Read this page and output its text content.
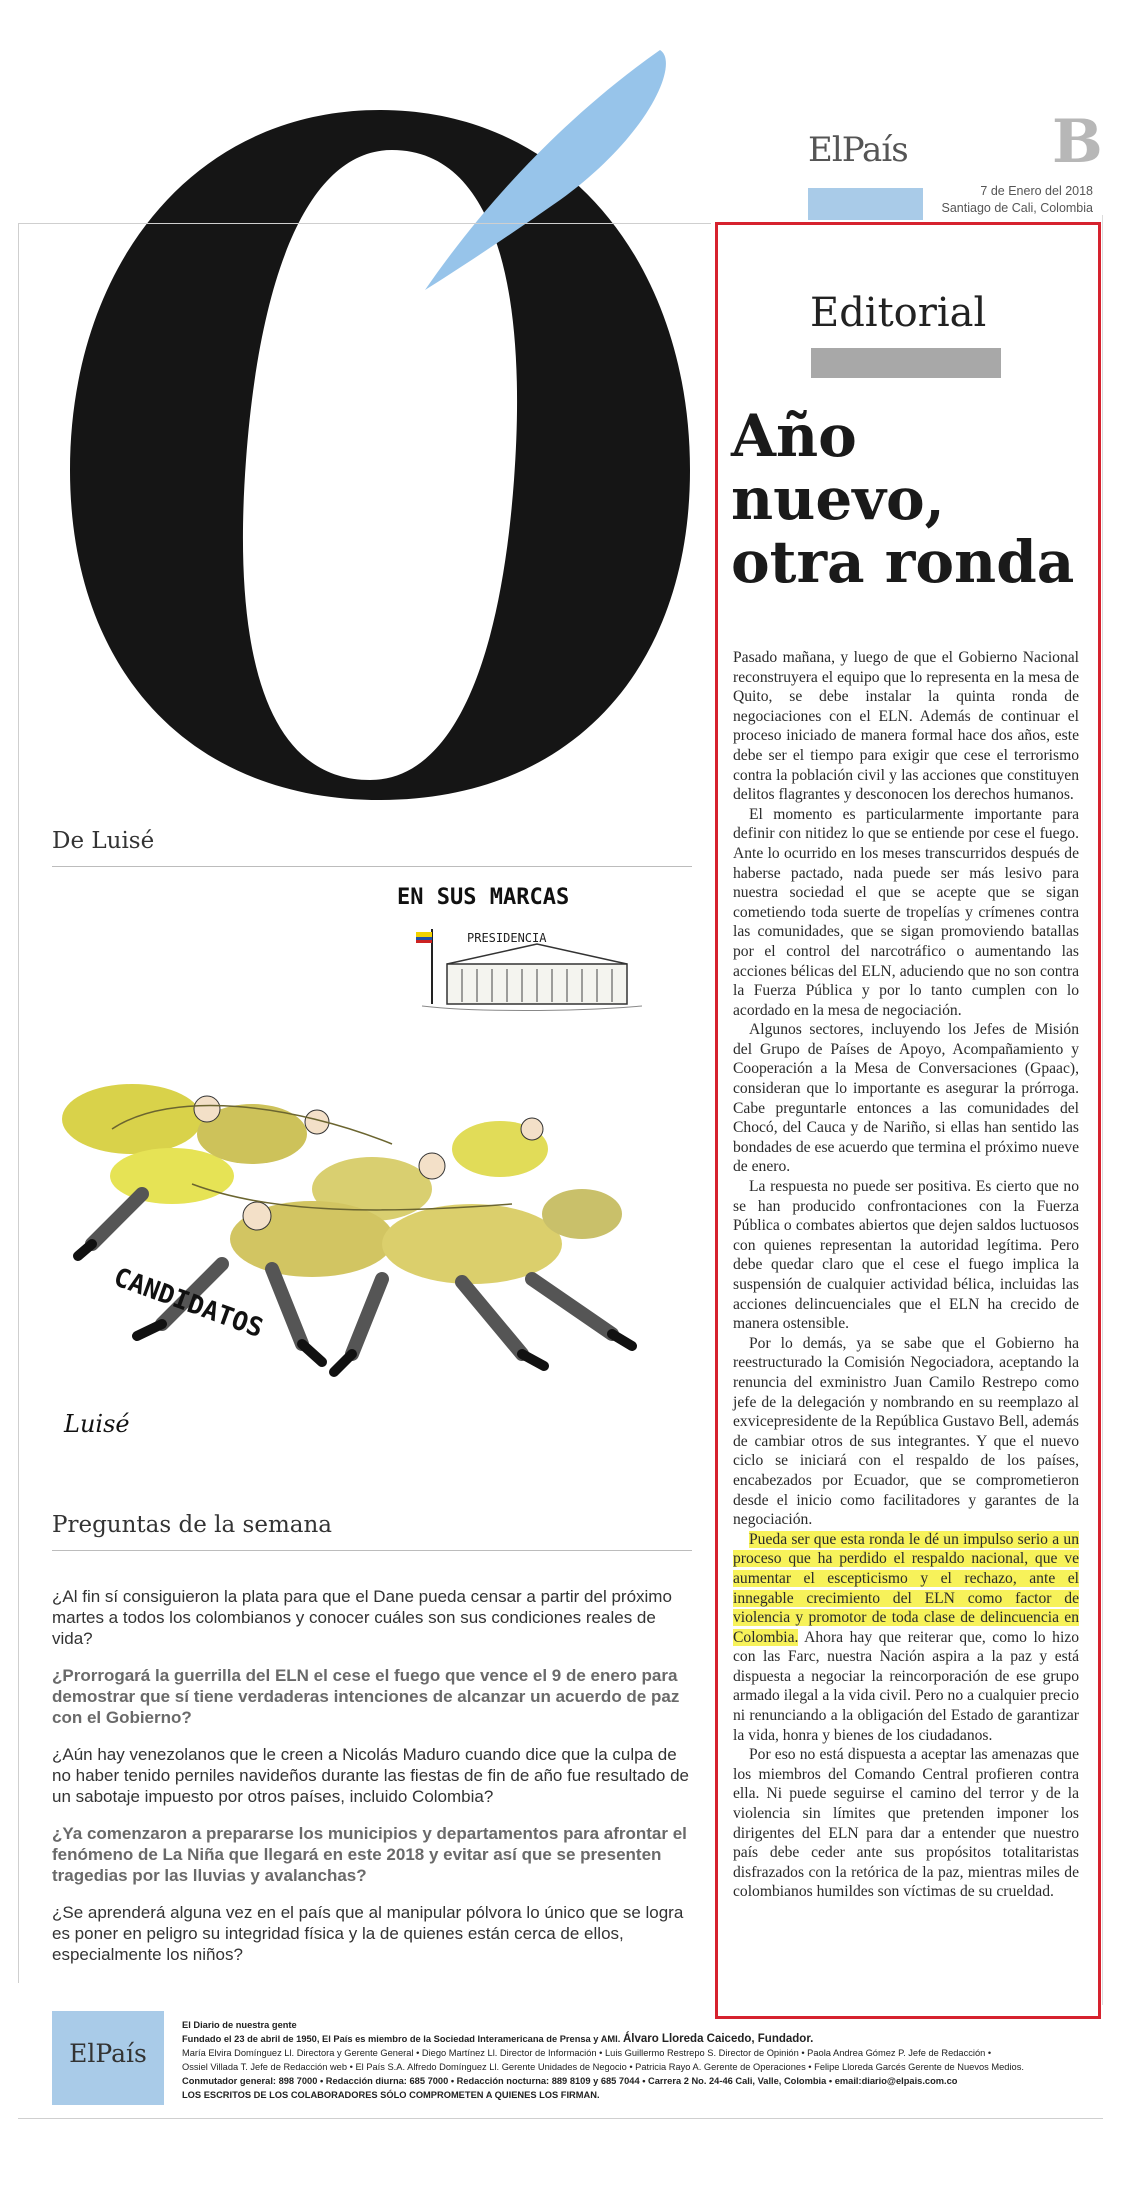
ElPaís B
7 de Enero del 2018
Santiago de Cali, Colombia
De Luisé
EN SUS MARCAS
PRESIDENCIA
CANDIDATOS
Luisé
Preguntas de la semana

¿Al fin sí consiguieron la plata para que el Dane pueda censar a partir del próximo martes a todos los colombianos y conocer cuáles son sus condiciones reales de vida?

¿Prorrogará la guerrilla del ELN el cese el fuego que vence el 9 de enero para demostrar que sí tiene verdaderas intenciones de alcanzar un acuerdo de paz con el Gobierno?

¿Aún hay venezolanos que le creen a Nicolás Maduro cuando dice que la culpa de no haber tenido perniles navideños durante las fiestas de fin de año fue resultado de un sabotaje impuesto por otros países, incluido Colombia?

¿Ya comenzaron a prepararse los municipios y departamentos para afrontar el fenómeno de La Niña que llegará en este 2018 y evitar así que se presenten tragedias por las lluvias y avalanchas?

¿Se aprenderá alguna vez en el país que al manipular pólvora lo único que se logra es poner en peligro su integridad física y la de quienes están cerca de ellos, especialmente los niños?

Editorial
Año
nuevo,
otra ronda

Pasado mañana, y luego de que el Gobierno Nacional reconstruyera el equipo que lo representa en la mesa de Quito, se debe instalar la quinta ronda de negociaciones con el ELN. Además de continuar el proceso iniciado de manera formal hace dos años, este debe ser el tiempo para exigir que cese el terrorismo contra la población civil y las acciones que constituyen delitos flagrantes y desconocen los derechos humanos.

El momento es particularmente importante para definir con nitidez lo que se entiende por cese el fuego. Ante lo ocurrido en los meses transcurridos después de haberse pactado, nada puede ser más lesivo para nuestra sociedad el que se acepte que se sigan cometiendo toda suerte de tropelías y crímenes contra las comunidades, que se sigan promoviendo batallas por el control del narcotráfico o aumentando las acciones bélicas del ELN, aduciendo que no son contra la Fuerza Pública y por lo tanto cumplen con lo acordado en la mesa de negociación.

Algunos sectores, incluyendo los Jefes de Misión del Grupo de Países de Apoyo, Acompañamiento y Cooperación a la Mesa de Conversaciones (Gpaac), consideran que lo importante es asegurar la prórroga. Cabe preguntarle entonces a las comunidades del Chocó, del Cauca y de Nariño, si ellas han sentido las bondades de ese acuerdo que termina el próximo nueve de enero.

La respuesta no puede ser positiva. Es cierto que no se han producido confrontaciones con la Fuerza Pública o combates abiertos que dejen saldos luctuosos con quienes representan la autoridad legítima. Pero debe quedar claro que el cese el fuego implica la suspensión de cualquier actividad bélica, incluidas las acciones delincuenciales que el ELN ha crecido de manera ostensible.

Por lo demás, ya se sabe que el Gobierno ha reestructurado la Comisión Negociadora, aceptando la renuncia del exministro Juan Camilo Restrepo como jefe de la delegación y nombrando en su reemplazo al exvicepresidente de la República Gustavo Bell, además de cambiar otros de sus integrantes. Y que el nuevo ciclo se iniciará con el respaldo de los países, encabezados por Ecuador, que se comprometieron desde el inicio como facilitadores y garantes de la negociación.

Pueda ser que esta ronda le dé un impulso serio a un proceso que ha perdido el respaldo nacional, que ve aumentar el escepticismo y el rechazo, ante el innegable crecimiento del ELN como factor de violencia y promotor de toda clase de delincuencia en Colombia. Ahora hay que reiterar que, como lo hizo con las Farc, nuestra Nación aspira a la paz y está dispuesta a negociar la reincorporación de ese grupo armado ilegal a la vida civil. Pero no a cualquier precio ni renunciando a la obligación del Estado de garantizar la vida, honra y bienes de los ciudadanos.

Por eso no está dispuesta a aceptar las amenazas que los miembros del Comando Central profieren contra ella. Ni puede seguirse el camino del terror y de la violencia sin límites que pretenden imponer los dirigentes del ELN para dar a entender que nuestro país debe ceder ante sus propósitos totalitaristas disfrazados con la retórica de la paz, mientras miles de colombianos humildes son víctimas de su crueldad.

ElPaís
El Diario de nuestra gente
Fundado el 23 de abril de 1950, El País es miembro de la Sociedad Interamericana de Prensa y AMI. Álvaro Lloreda Caicedo, Fundador.
María Elvira Domínguez Ll. Directora y Gerente General • Diego Martínez Ll. Director de Información • Luis Guillermo Restrepo S. Director de Opinión • Paola Andrea Gómez P. Jefe de Redacción •
Ossiel Villada T. Jefe de Redacción web • El País S.A. Alfredo Domínguez Ll. Gerente Unidades de Negocio • Patricia Rayo A. Gerente de Operaciones • Felipe Lloreda Garcés Gerente de Nuevos Medios.
Conmutador general: 898 7000 • Redacción diurna: 685 7000 • Redacción nocturna: 889 8109 y 685 7044 • Carrera 2 No. 24-46 Cali, Valle, Colombia • email:diario@elpais.com.co
LOS ESCRITOS DE LOS COLABORADORES SÓLO COMPROMETEN A QUIENES LOS FIRMAN.
